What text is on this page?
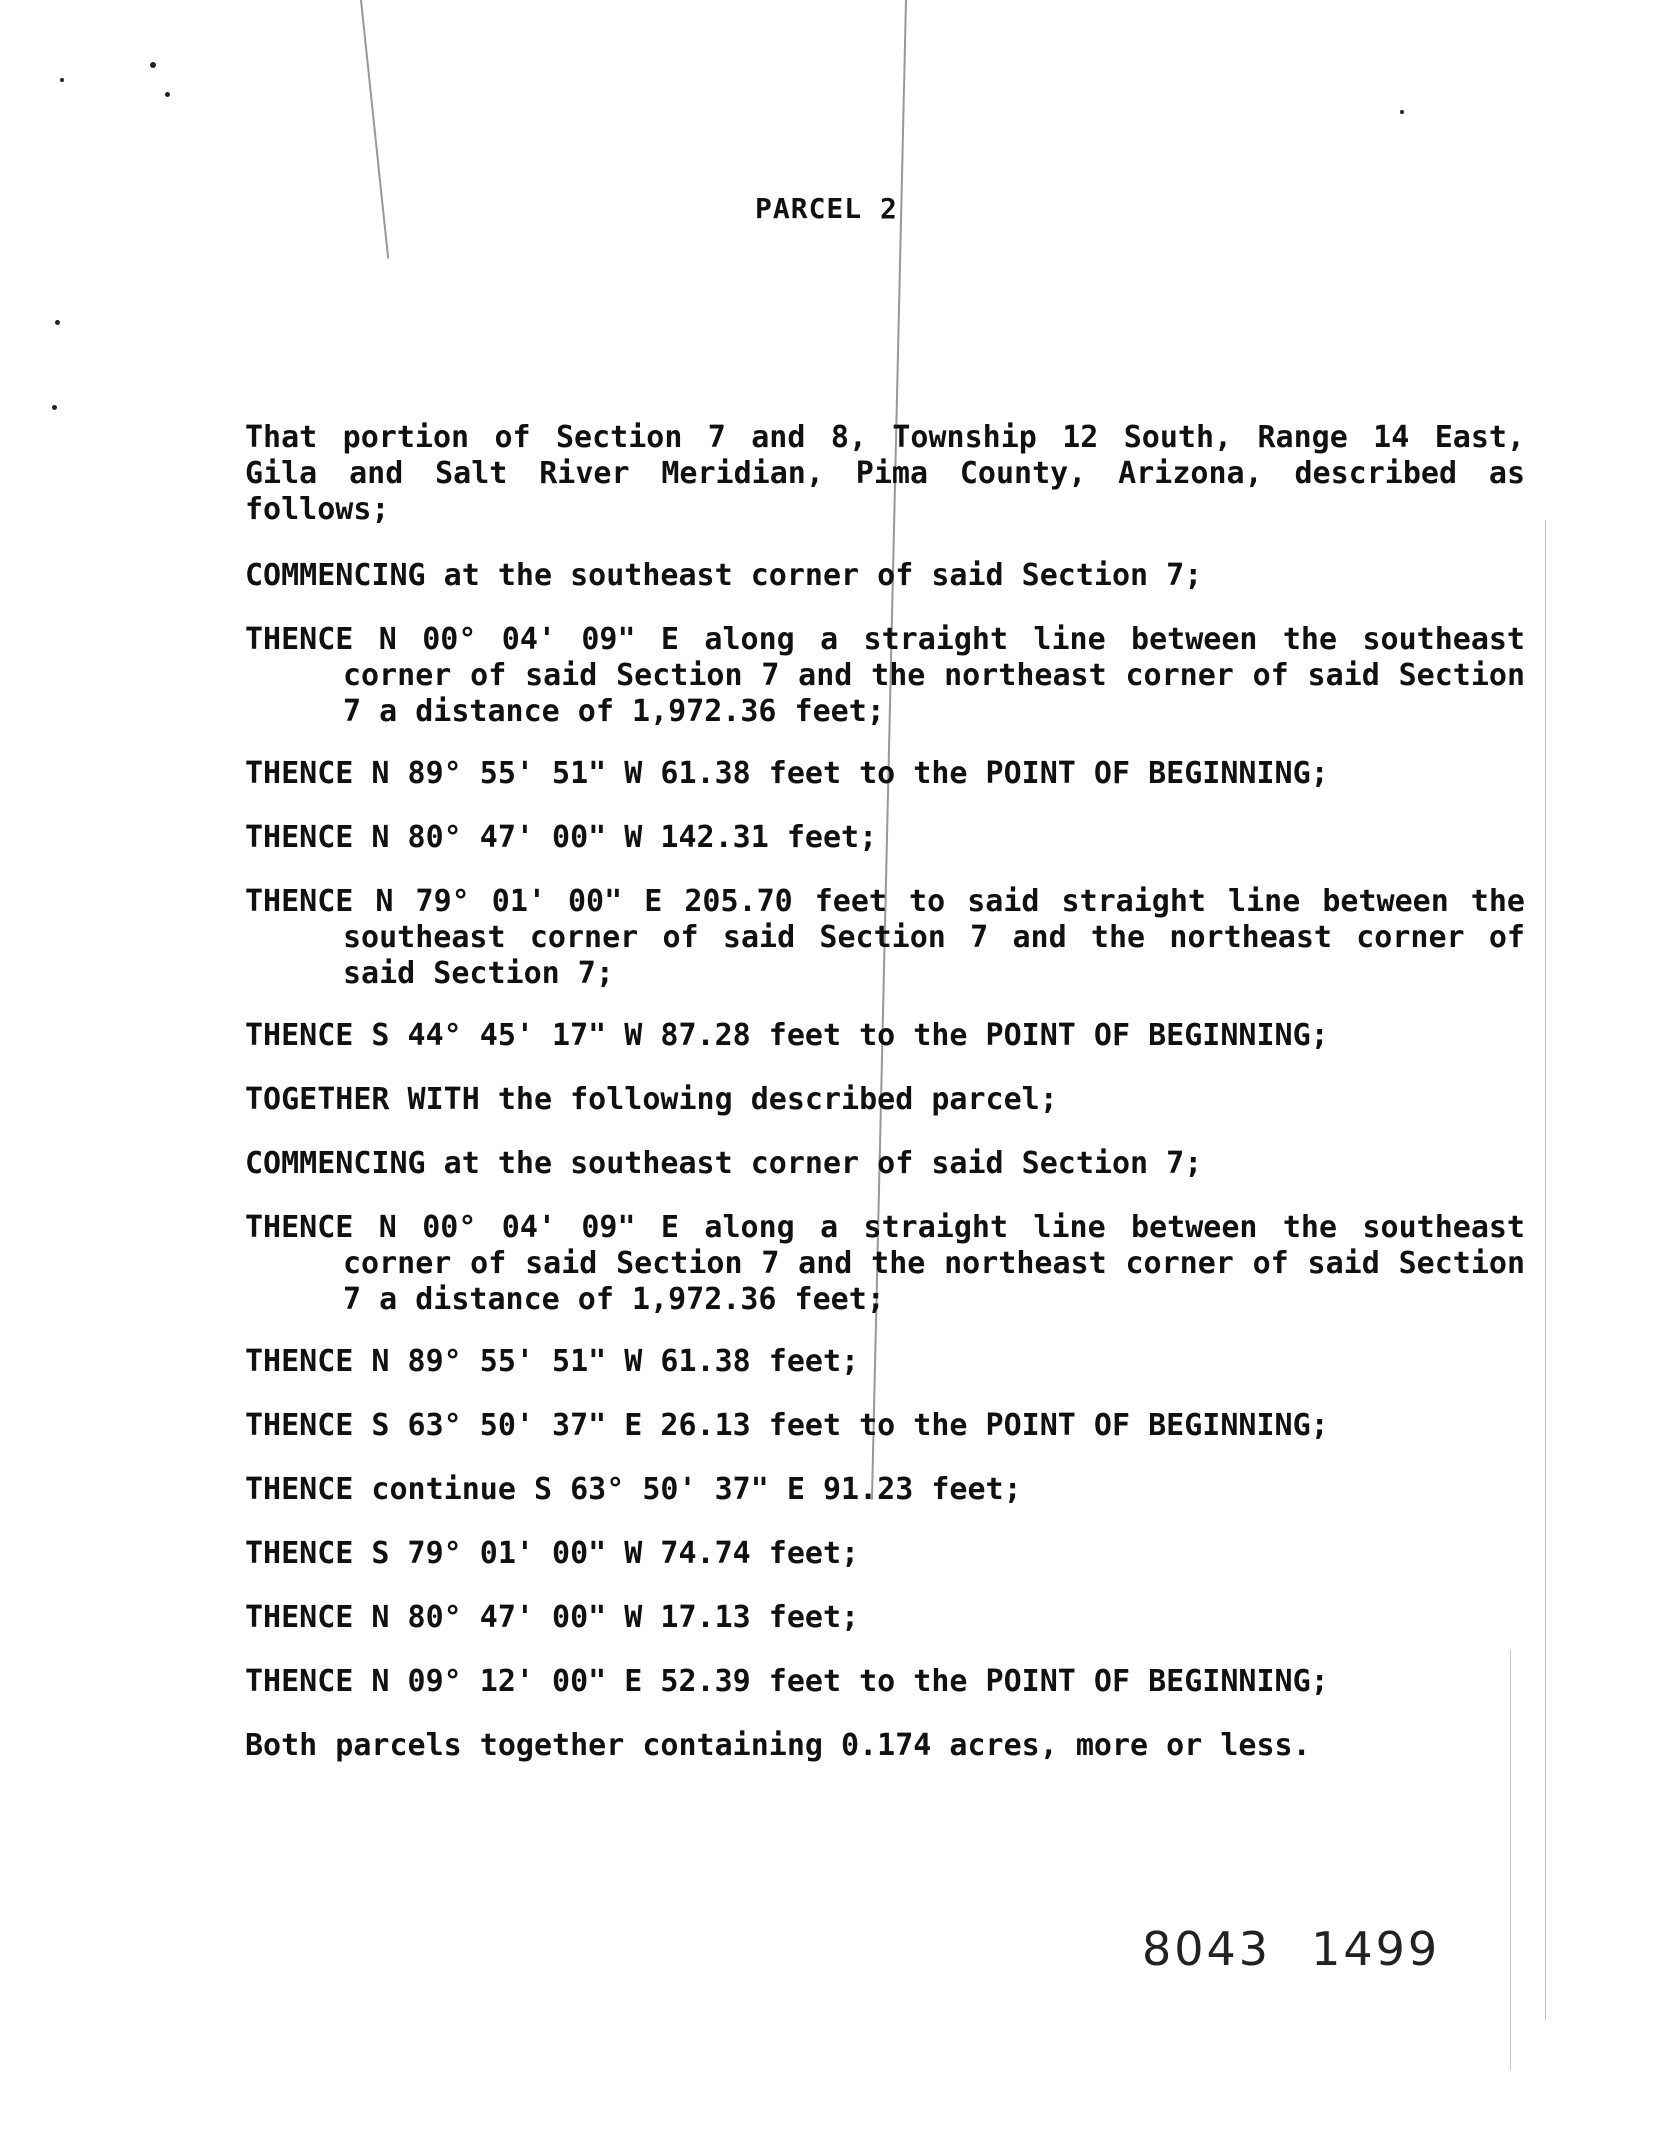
PARCEL 2

That portion of Section 7 and 8, Township 12 South, Range 14 East, Gila and Salt River Meridian, Pima County, Arizona, described as follows;

COMMENCING at the southeast corner of said Section 7;

THENCE N 00° 04' 09" E along a straight line between the southeast corner of said Section 7 and the northeast corner of said Section 7 a distance of 1,972.36 feet;

THENCE N 89° 55' 51" W 61.38 feet to the POINT OF BEGINNING;

THENCE N 80° 47' 00" W 142.31 feet;

THENCE N 79° 01' 00" E 205.70 feet to said straight line between the southeast corner of said Section 7 and the northeast corner of said Section 7;

THENCE S 44° 45' 17" W 87.28 feet to the POINT OF BEGINNING;

TOGETHER WITH the following described parcel;

COMMENCING at the southeast corner of said Section 7;

THENCE N 00° 04' 09" E along a straight line between the southeast corner of said Section 7 and the northeast corner of said Section 7 a distance of 1,972.36 feet;

THENCE N 89° 55' 51" W 61.38 feet;

THENCE S 63° 50' 37" E 26.13 feet to the POINT OF BEGINNING;

THENCE continue S 63° 50' 37" E 91.23 feet;

THENCE S 79° 01' 00" W 74.74 feet;

THENCE N 80° 47' 00" W 17.13 feet;

THENCE N 09° 12' 00" E 52.39 feet to the POINT OF BEGINNING;

Both parcels together containing 0.174 acres, more or less.

8043 1499
